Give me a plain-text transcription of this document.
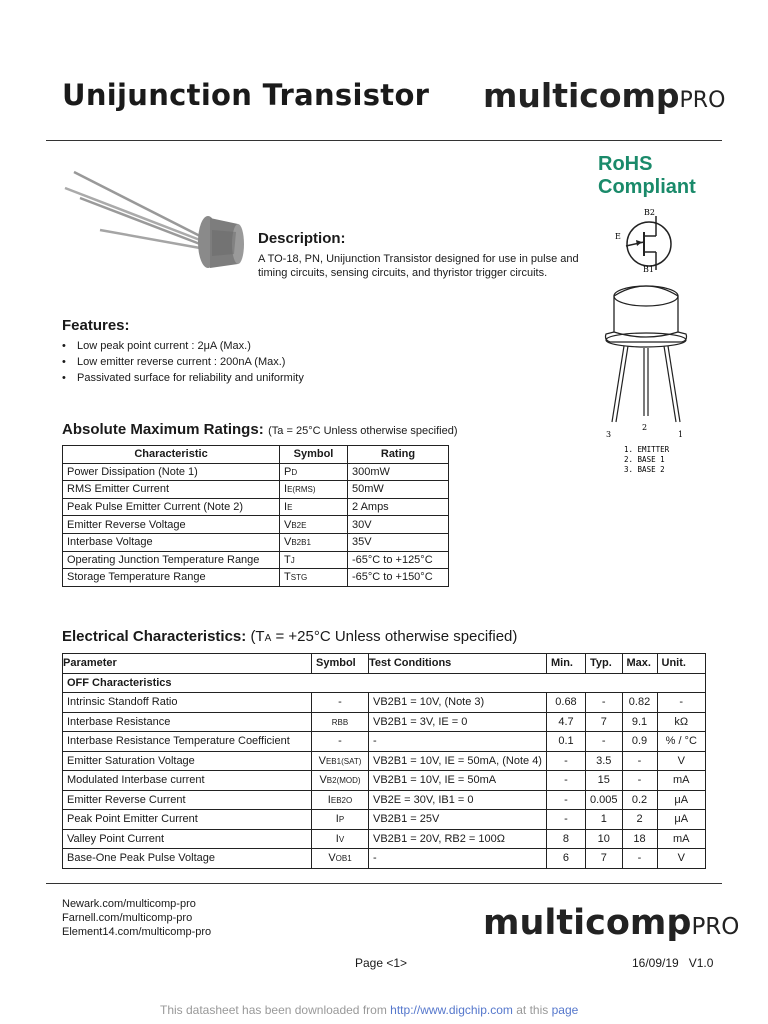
Unijunction Transistor multicompPRO
RoHS
Compliant
B2
E
B1
3
2
1
1. EMITTER
2. BASE 1
3. BASE 2
Description:
A TO-18, PN, Unijunction Transistor designed for use in pulse and timing circuits, sensing circuits, and thyristor trigger circuits.
Features:
• Low peak point current : 2μA (Max.)
• Low emitter reverse current : 200nA (Max.)
• Passivated surface for reliability and uniformity
Absolute Maximum Ratings: (Ta = 25°C Unless otherwise specified)
Characteristic	Symbol	Rating
Power Dissipation (Note 1)	PD	300mW
RMS Emitter Current	IE(RMS)	50mW
Peak Pulse Emitter Current (Note 2)	IE	2 Amps
Emitter Reverse Voltage	VB2E	30V
Interbase Voltage	VB2B1	35V
Operating Junction Temperature Range	TJ	-65°C to +125°C
Storage Temperature Range	TSTG	-65°C to +150°C
Electrical Characteristics: (TA = +25°C Unless otherwise specified)
Parameter	Symbol	Test Conditions	Min.	Typ.	Max.	Unit.
OFF Characteristics						
Intrinsic Standoff Ratio	-	VB2B1 = 10V, (Note 3)	0.68	-	0.82	-
Interbase Resistance	RBB	VB2B1 = 3V, IE = 0	4.7	7	9.1	kΩ
Interbase Resistance Temperature Coefficient	-	-	0.1	-	0.9	% / °C
Emitter Saturation Voltage	VEB1(SAT)	VB2B1 = 10V, IE = 50mA, (Note 4)	-	3.5	-	V
Modulated Interbase current	VB2(MOD)	VB2B1 = 10V, IE = 50mA	-	15	-	mA
Emitter Reverse Current	IEB2O	VB2E = 30V, IB1 = 0	-	0.005	0.2	μA
Peak Point Emitter Current	IP	VB2B1 = 25V	-	1	2	μA
Valley Point Current	IV	VB2B1 = 20V, RB2 = 100Ω	8	10	18	mA
Base-One Peak Pulse Voltage	VOB1	-	6	7	-	V
Newark.com/multicomp-pro
Farnell.com/multicomp-pro
Element14.com/multicomp-pro	multicompPRO
Page <1>	16/09/19 V1.0
This datasheet has been downloaded from http://www.digchip.com at this page
